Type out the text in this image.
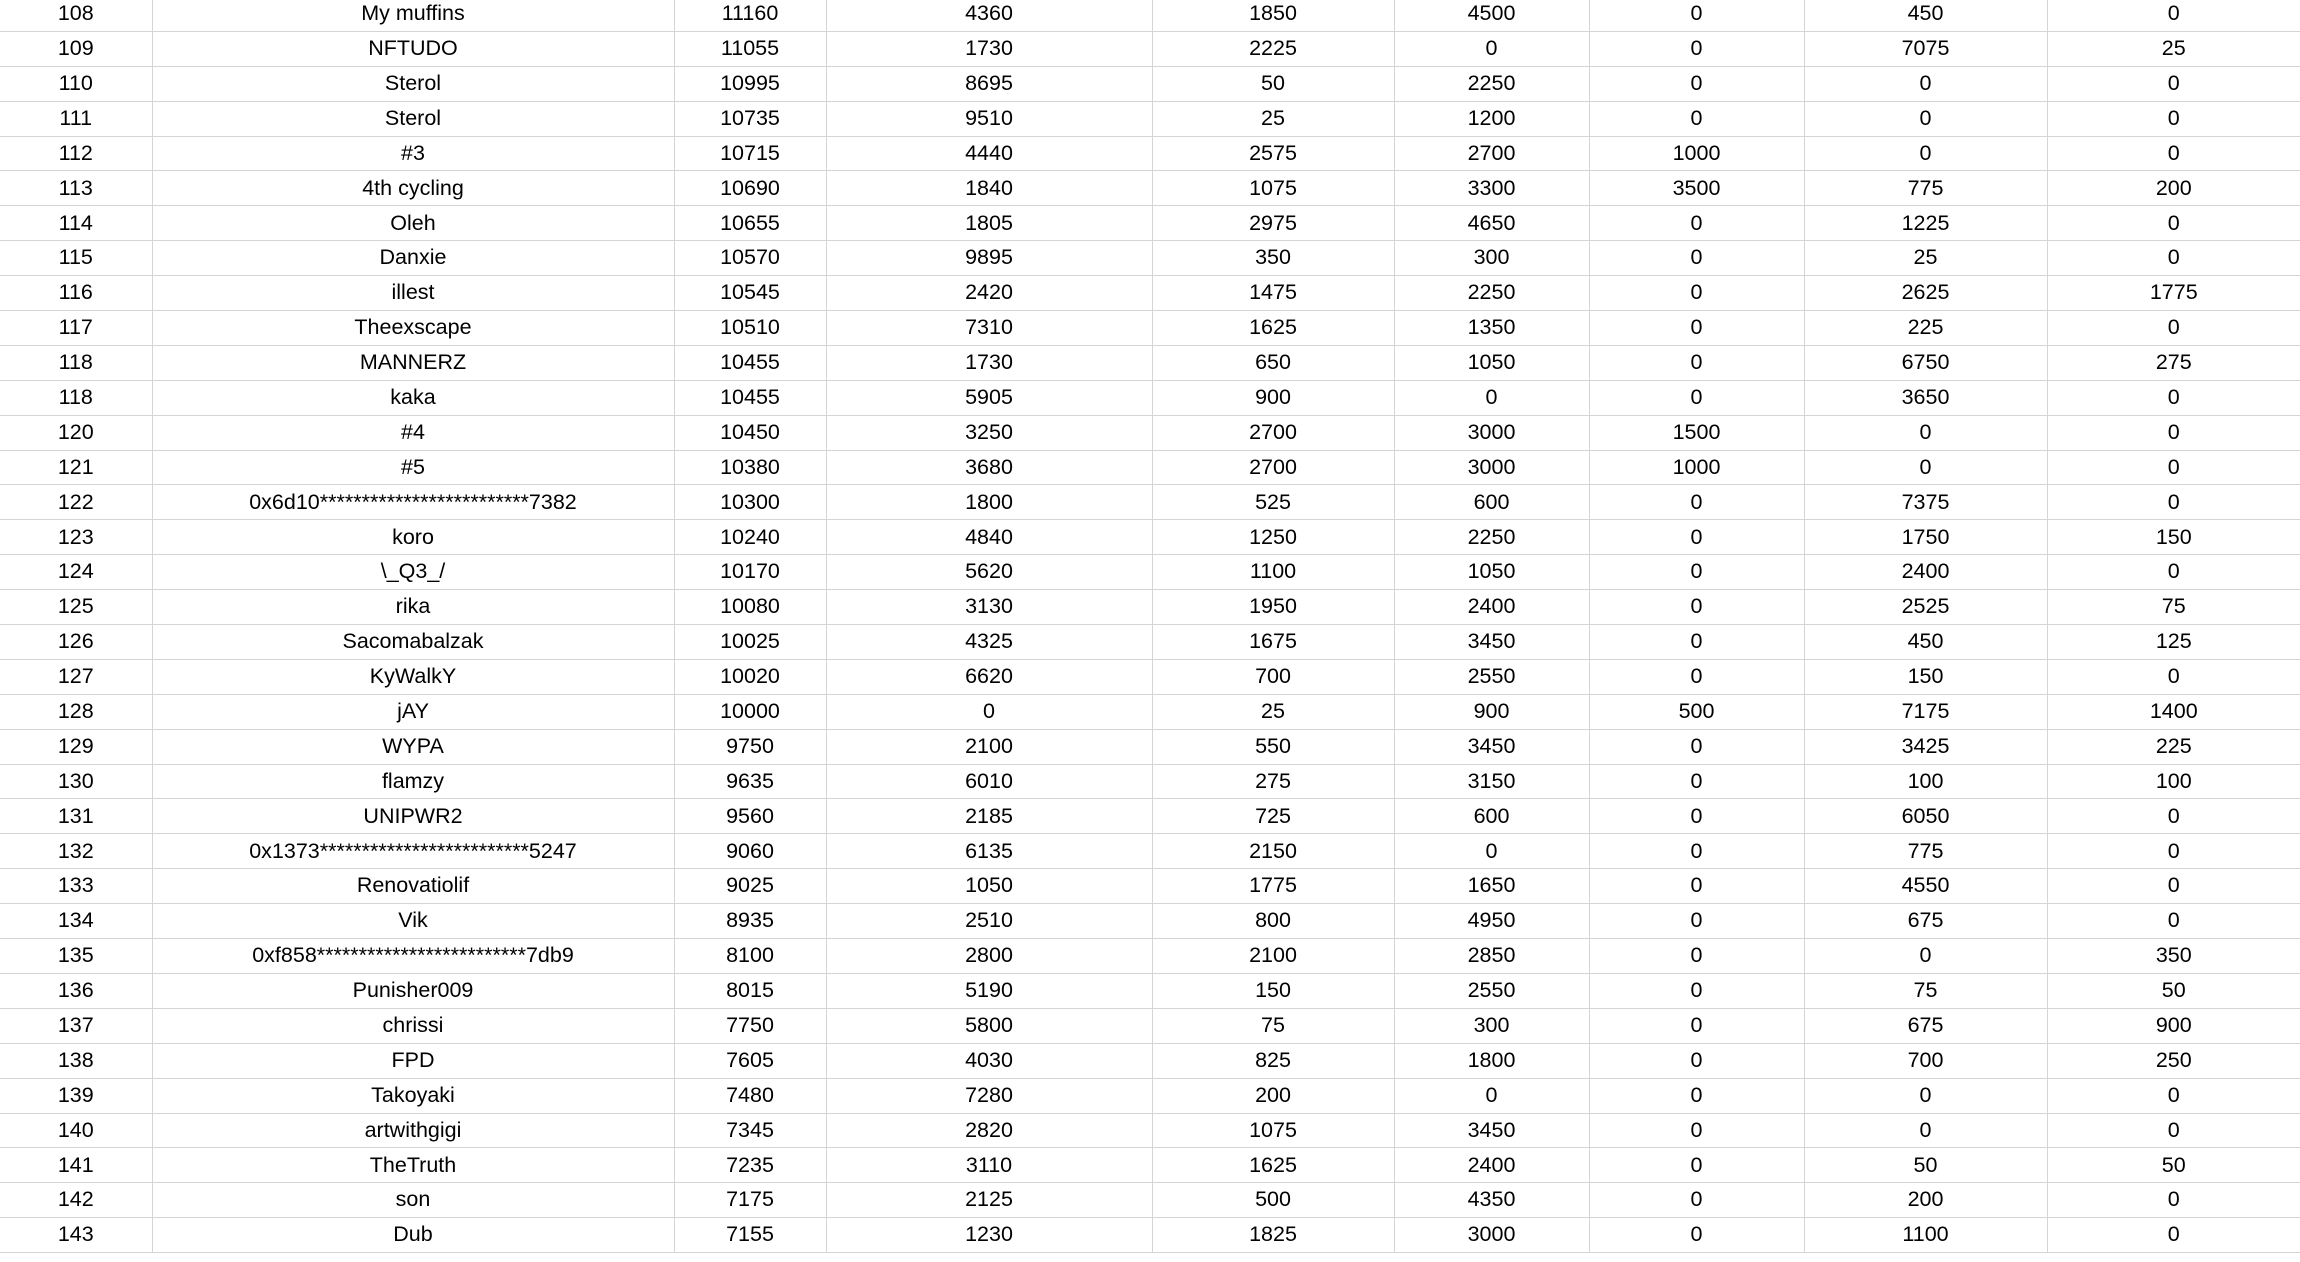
108	My muffins	11160	4360	1850	4500	0	450	0
109	NFTUDO	11055	1730	2225	0	0	7075	25
110	Sterol	10995	8695	50	2250	0	0	0
111	Sterol	10735	9510	25	1200	0	0	0
112	#3	10715	4440	2575	2700	1000	0	0
113	4th cycling	10690	1840	1075	3300	3500	775	200
114	Oleh	10655	1805	2975	4650	0	1225	0
115	Danxie	10570	9895	350	300	0	25	0
116	illest	10545	2420	1475	2250	0	2625	1775
117	Theexscape	10510	7310	1625	1350	0	225	0
118	MANNERZ	10455	1730	650	1050	0	6750	275
118	kaka	10455	5905	900	0	0	3650	0
120	#4	10450	3250	2700	3000	1500	0	0
121	#5	10380	3680	2700	3000	1000	0	0
122	0x6d10*************************7382	10300	1800	525	600	0	7375	0
123	koro	10240	4840	1250	2250	0	1750	150
124	\_Q3_/	10170	5620	1100	1050	0	2400	0
125	rika	10080	3130	1950	2400	0	2525	75
126	Sacomabalzak	10025	4325	1675	3450	0	450	125
127	KyWalkY	10020	6620	700	2550	0	150	0
128	jAY	10000	0	25	900	500	7175	1400
129	WYPA	9750	2100	550	3450	0	3425	225
130	flamzy	9635	6010	275	3150	0	100	100
131	UNIPWR2	9560	2185	725	600	0	6050	0
132	0x1373*************************5247	9060	6135	2150	0	0	775	0
133	Renovatiolif	9025	1050	1775	1650	0	4550	0
134	Vik	8935	2510	800	4950	0	675	0
135	0xf858*************************7db9	8100	2800	2100	2850	0	0	350
136	Punisher009	8015	5190	150	2550	0	75	50
137	chrissi	7750	5800	75	300	0	675	900
138	FPD	7605	4030	825	1800	0	700	250
139	Takoyaki	7480	7280	200	0	0	0	0
140	artwithgigi	7345	2820	1075	3450	0	0	0
141	TheTruth	7235	3110	1625	2400	0	50	50
142	son	7175	2125	500	4350	0	200	0
143	Dub	7155	1230	1825	3000	0	1100	0
